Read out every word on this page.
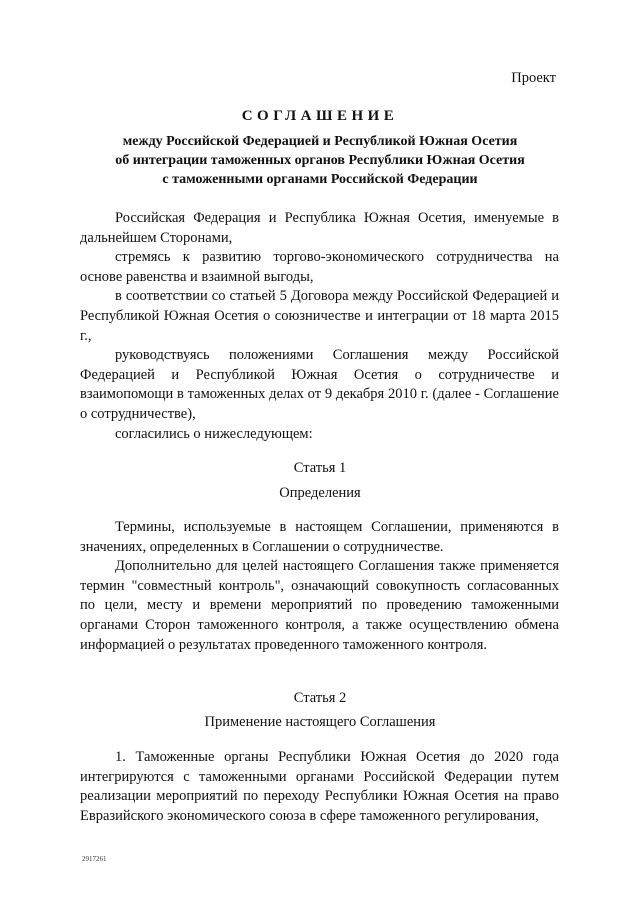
Проект
СОГЛАШЕНИЕ
между Российской Федерацией и Республикой Южная Осетия
об интеграции таможенных органов Республики Южная Осетия
с таможенными органами Российской Федерации

Российская Федерация и Республика Южная Осетия, именуемые в дальнейшем Сторонами,

стремясь к развитию торгово-экономического сотрудничества на основе равенства и взаимной выгоды,

в соответствии со статьей 5 Договора между Российской Федерацией и Республикой Южная Осетия о союзничестве и интеграции от 18 марта 2015 г.,

руководствуясь положениями Соглашения между Российской Федерацией и Республикой Южная Осетия о сотрудничестве и взаимопомощи в таможенных делах от 9 декабря 2010 г. (далее - Соглашение о сотрудничестве),

согласились о нижеследующем:

Статья 1
Определения

Термины, используемые в настоящем Соглашении, применяются в значениях, определенных в Соглашении о сотрудничестве.

Дополнительно для целей настоящего Соглашения также применяется термин "совместный контроль", означающий совокупность согласованных по цели, месту и времени мероприятий по проведению таможенными органами Сторон таможенного контроля, а также осуществлению обмена информацией о результатах проведенного таможенного контроля.

Статья 2
Применение настоящего Соглашения

1. Таможенные органы Республики Южная Осетия до 2020 года интегрируются с таможенными органами Российской Федерации путем реализации мероприятий по переходу Республики Южная Осетия на право Евразийского экономического союза в сфере таможенного регулирования,

2917261
